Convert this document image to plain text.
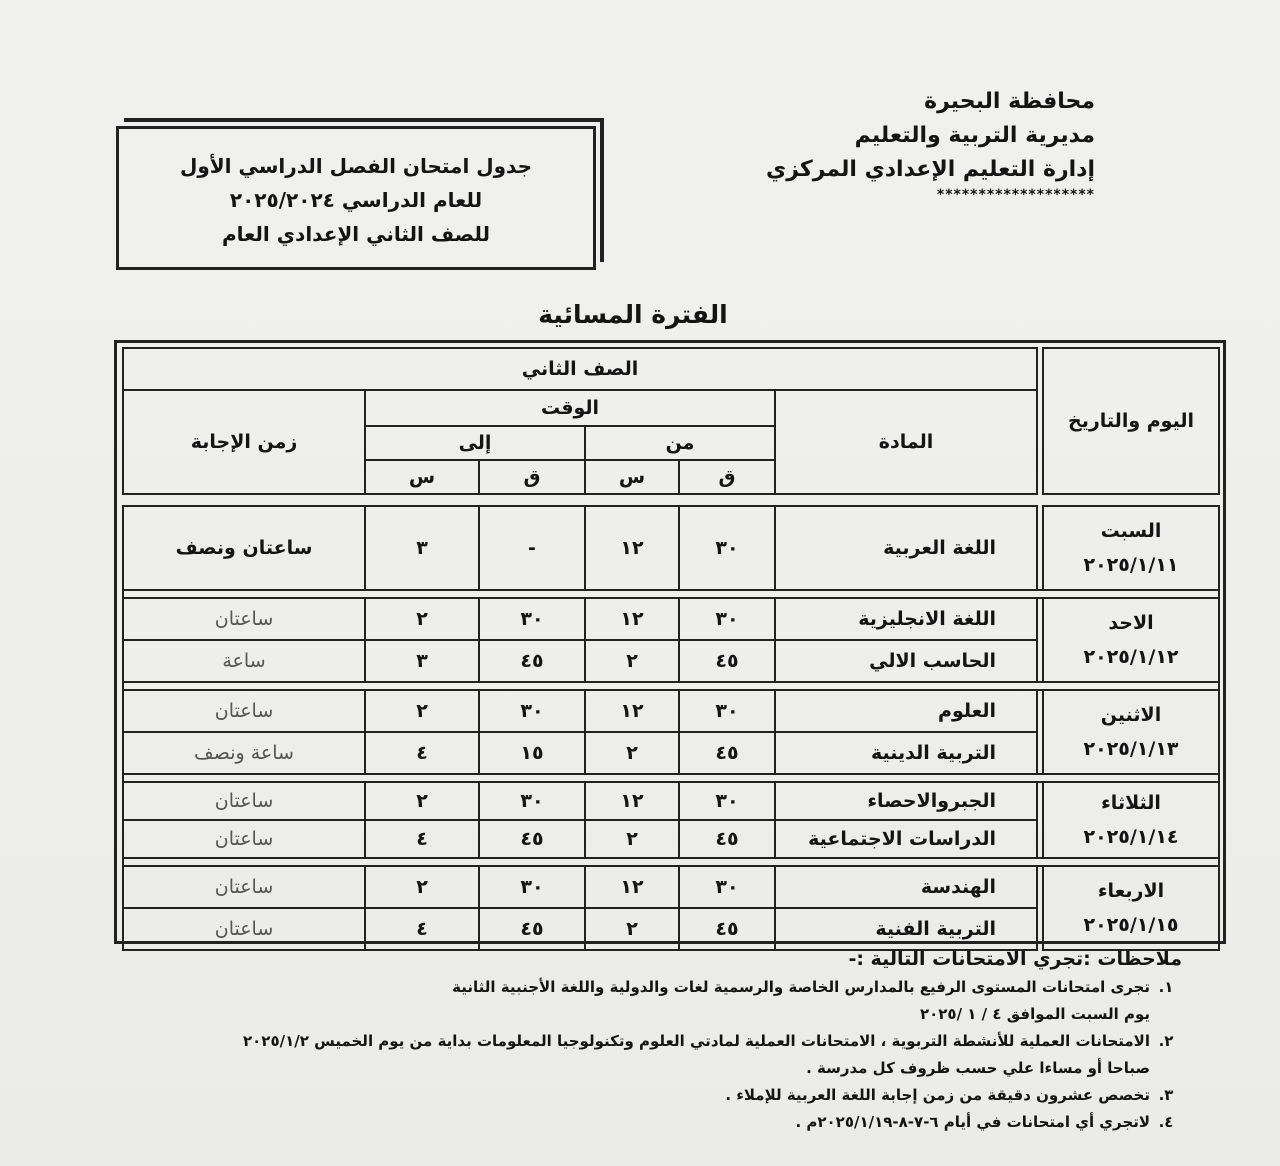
محافظة البحيرة
مديرية التربية والتعليم
إدارة التعليم الإعدادي المركزي
*******************
جدول امتحان الفصل الدراسي الأول
للعام الدراسي ٢٠٢٥/٢٠٢٤
للصف الثاني الإعدادي العام
الفترة المسائية
اليوم والتاريخ		الصف الثاني					
		المادة	الوقت				زمن الإجابة
			من		إلى		
			ق	س	ق	س	
السبت
٢٠٢٥/١/١١		اللغة العربية	٣٠	١٢	-	٣	ساعتان ونصف

الاحد
٢٠٢٥/١/١٢		اللغة الانجليزية	٣٠	١٢	٣٠	٢	ساعتان
		الحاسب الالي	٤٥	٢	٤٥	٣	ساعة

الاثنين
٢٠٢٥/١/١٣		العلوم	٣٠	١٢	٣٠	٢	ساعتان
		التربية الدينية	٤٥	٢	١٥	٤	ساعة ونصف

الثلاثاء
٢٠٢٥/١/١٤		الجبروالاحصاء	٣٠	١٢	٣٠	٢	ساعتان
		الدراسات الاجتماعية	٤٥	٢	٤٥	٤	ساعتان

الاربعاء
٢٠٢٥/١/١٥		الهندسة	٣٠	١٢	٣٠	٢	ساعتان
		التربية الفنية	٤٥	٢	٤٥	٤	ساعتان
ملاحظات :تجري الامتحانات التالية :-
١.تجرى امتحانات المستوى الرفيع بالمدارس الخاصة والرسمية لغات والدولية واللغة الأجنبية الثانية
يوم السبت الموافق ٤ / ١ /٢٠٢٥
٢.الامتحانات العملية للأنشطة التربوية ، الامتحانات العملية لمادتي العلوم وتكنولوجيا المعلومات بداية من يوم الخميس ٢٠٢٥/١/٢
صباحا أو مساءا علي حسب ظروف كل مدرسة .
٣.تخصص عشرون دقيقة من زمن إجابة اللغة العربية للإملاء .
٤.لاتجري أي امتحانات في أيام ٦-٧-٨-٢٠٢٥/١/١٩م .
